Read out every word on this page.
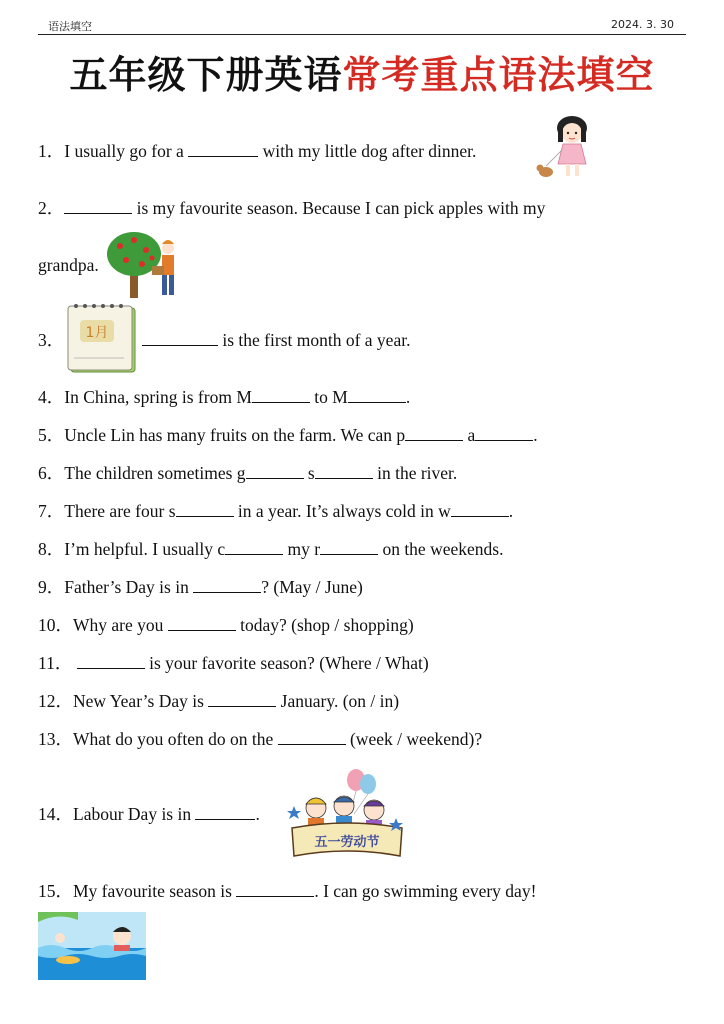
语法填空	2024. 3. 30
五年级下册英语常考重点语法填空
1．I usually go for a	with my little dog after dinner.
2．	is my favourite season. Because I can pick apples with my
grandpa.
3． 1月	is the first month of a year.
4．In China, spring is from M	to M	.
5．Uncle Lin has many fruits on the farm. We can p	a	.
6．The children sometimes g	s	in the river.
7．There are four s	in a year. It’s always cold in w	.
8．I’m helpful. I usually c	my r	on the weekends.
9．Father’s Day is in	? (May / June)
10．Why are you	today? (shop / shopping)
11．	is your favorite season? (Where / What)
12．New Year’s Day is	January. (on / in)
13．What do you often do on the	(week / weekend)?
14．Labour Day is in	.
五一劳动节
15．My favourite season is	. I can go swimming every day!
